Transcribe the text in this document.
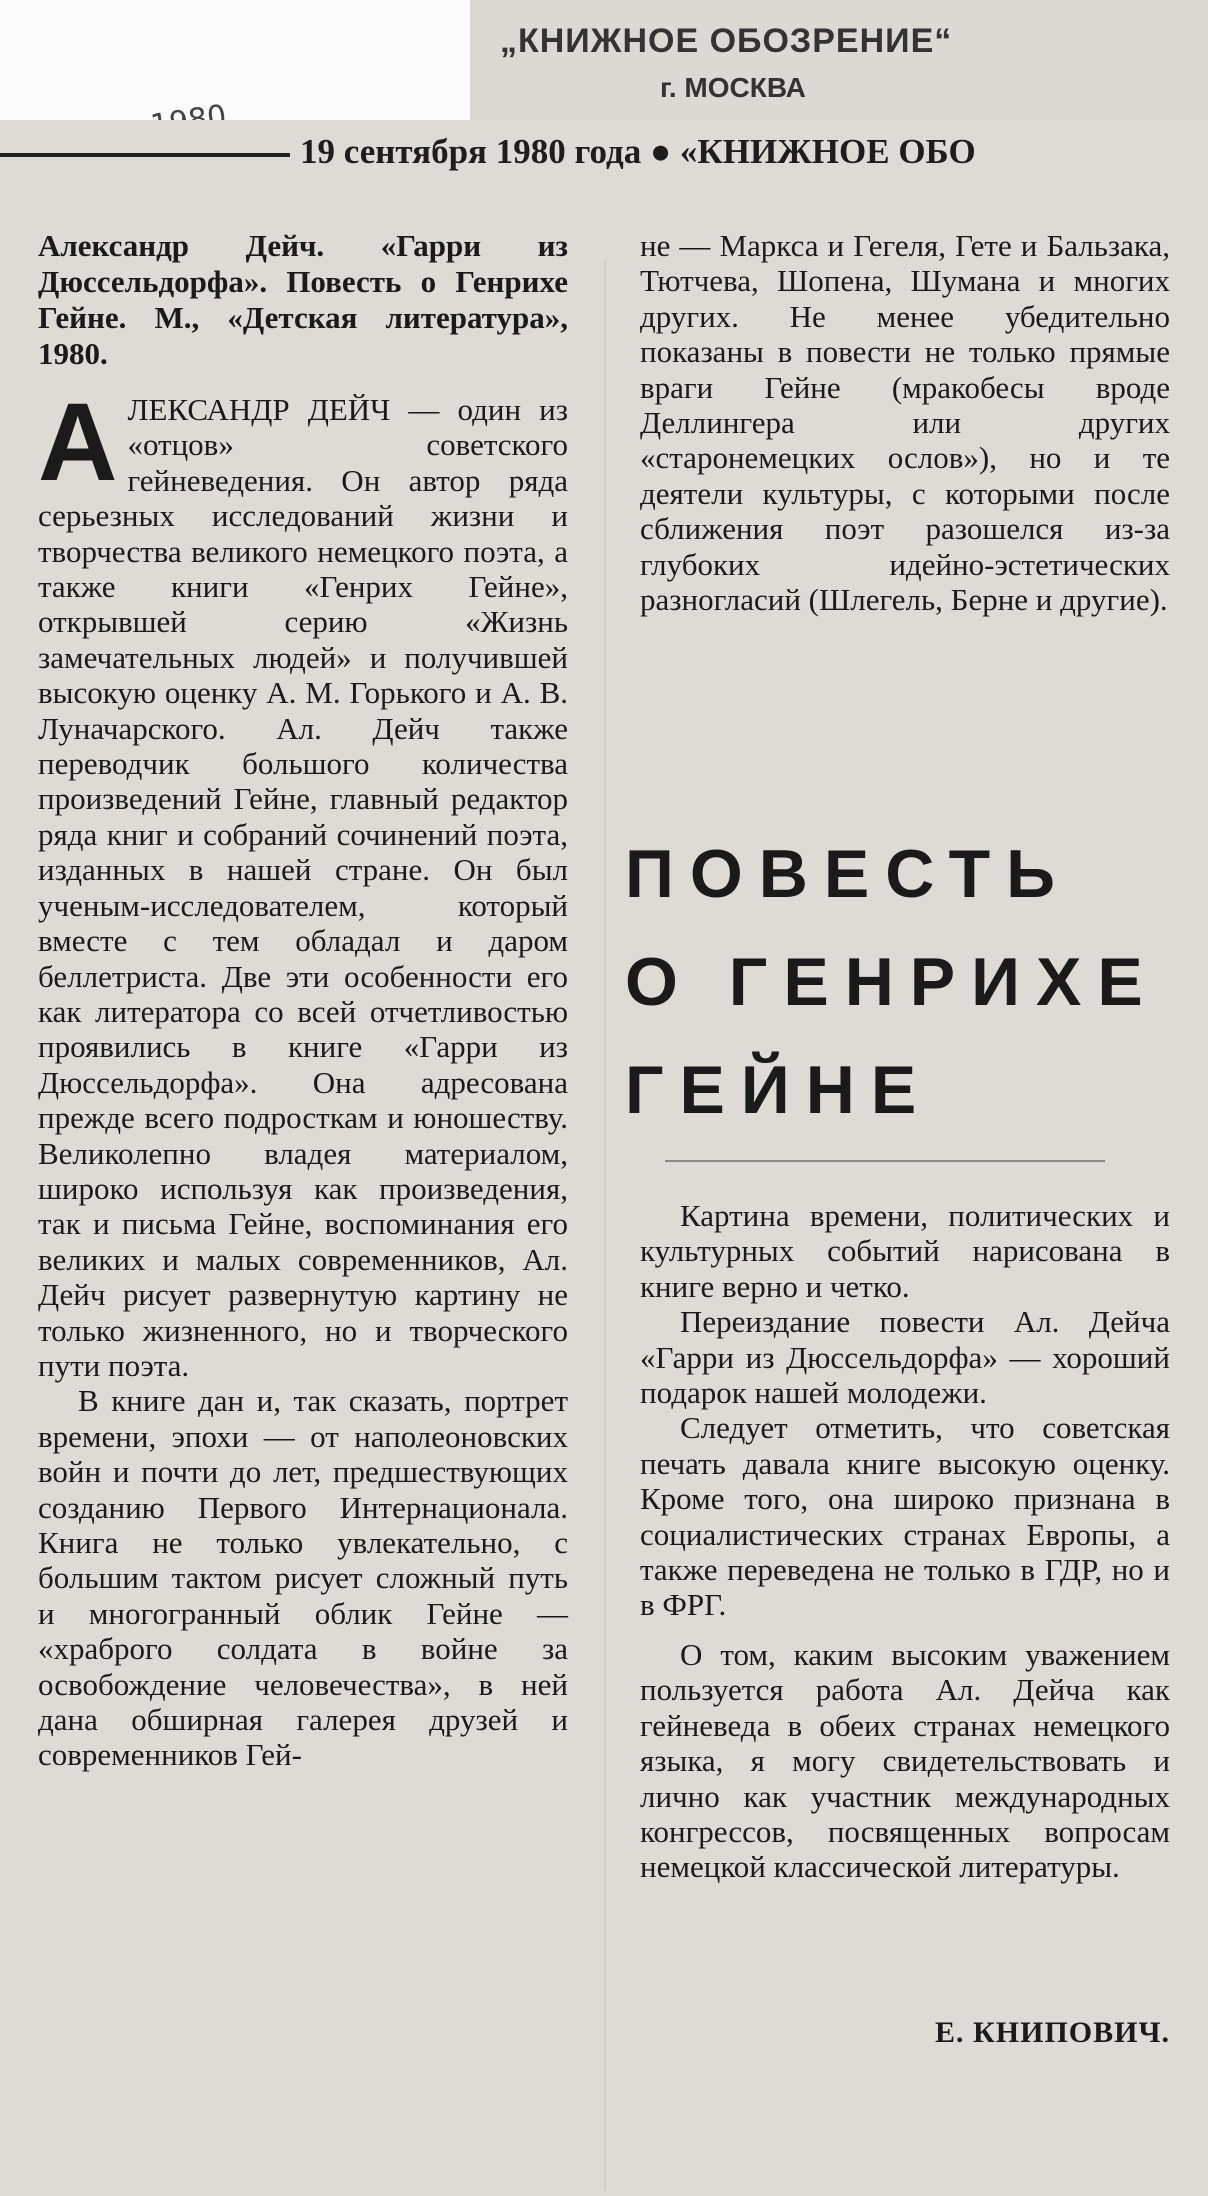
„КНИЖНОЕ ОБОЗРЕНИЕ“
г. МОСКВА
19 сентября 1980 года ● «КНИЖНОЕ ОБО

Александр Дейч. «Гарри из Дюссельдорфа». Повесть о Генрихе Гейне. М., «Детская литература», 1980.

АЛЕКСАНДР ДЕЙЧ — один из «отцов» советского гейневедения. Он автор ряда серьезных исследований жизни и творчества великого немецкого поэта, а также книги «Генрих Гейне», открывшей серию «Жизнь замечательных людей» и получившей высокую оценку А. М. Горького и А. В. Луначарского. Ал. Дейч также переводчик большого количества произведений Гейне, главный редактор ряда книг и собраний сочинений поэта, изданных в нашей стране. Он был ученым-исследователем, который вместе с тем обладал и даром беллетриста. Две эти особенности его как литератора со всей отчетливостью проявились в книге «Гарри из Дюссельдорфа». Она адресована прежде всего подросткам и юношеству. Великолепно владея материалом, широко используя как произведения, так и письма Гейне, воспоминания его великих и малых современников, Ал. Дейч рисует развернутую картину не только жизненного, но и творческого пути поэта.

В книге дан и, так сказать, портрет времени, эпохи — от наполеоновских войн и почти до лет, предшествующих созданию Первого Интернационала. Книга не только увлекательно, с большим тактом рисует сложный путь и многогранный облик Гейне — «храброго солдата в войне за освобождение человечества», в ней дана обширная галерея друзей и современников Гей-

не — Маркса и Гегеля, Гете и Бальзака, Тютчева, Шопена, Шумана и многих других. Не менее убедительно показаны в повести не только прямые враги Гейне (мракобесы вроде Деллингера или других «старонемецких ослов»), но и те деятели культуры, с которыми после сближения поэт разошелся из-за глубоких идейно-эстетических разногласий (Шлегель, Берне и другие).

ПОВЕСТЬ
О ГЕНРИХЕ
ГЕЙНЕ

Картина времени, политических и культурных событий нарисована в книге верно и четко.

Переиздание повести Ал. Дейча «Гарри из Дюссельдорфа» — хороший подарок нашей молодежи.

Следует отметить, что советская печать давала книге высокую оценку. Кроме того, она широко признана в социалистических странах Европы, а также переведена не только в ГДР, но и в ФРГ.

О том, каким высоким уважением пользуется работа Ал. Дейча как гейневеда в обеих странах немецкого языка, я могу свидетельствовать и лично как участник международных конгрессов, посвященных вопросам немецкой классической литературы.

Е. КНИПОВИЧ.
